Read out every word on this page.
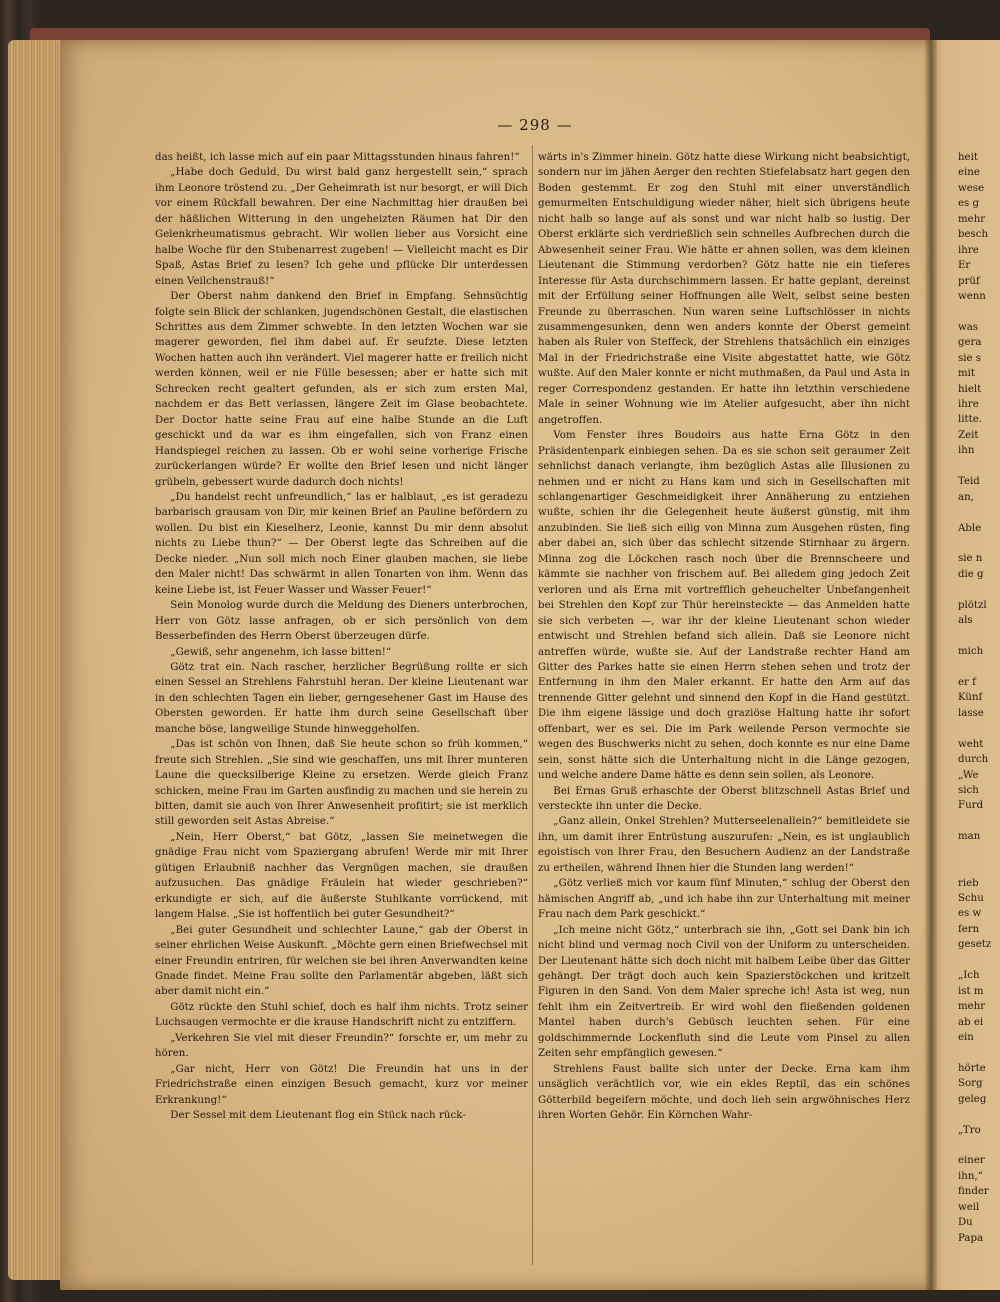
— 298 —

das heißt, ich lasse mich auf ein paar Mittagsstunden hinaus fahren!“

„Habe doch Geduld, Du wirst bald ganz hergestellt sein,“ sprach ihm Leonore tröstend zu. „Der Geheimrath ist nur besorgt, er will Dich vor einem Rückfall bewahren. Der eine Nachmittag hier draußen bei der häßlichen Witterung in den ungeheizten Räumen hat Dir den Gelenkrheumatismus gebracht. Wir wollen lieber aus Vorsicht eine halbe Woche für den Stubenarrest zugeben! — Vielleicht macht es Dir Spaß, Astas Brief zu lesen? Ich gehe und pflücke Dir unterdessen einen Veilchenstrauß!“

Der Oberst nahm dankend den Brief in Empfang. Sehnsüchtig folgte sein Blick der schlanken, jugendschönen Gestalt, die elastischen Schrittes aus dem Zimmer schwebte. In den letzten Wochen war sie magerer geworden, fiel ihm dabei auf. Er seufzte. Diese letzten Wochen hatten auch ihn verändert. Viel magerer hatte er freilich nicht werden können, weil er nie Fülle besessen; aber er hatte sich mit Schrecken recht gealtert gefunden, als er sich zum ersten Mal, nachdem er das Bett verlassen, längere Zeit im Glase beobachtete. Der Doctor hatte seine Frau auf eine halbe Stunde an die Luft geschickt und da war es ihm eingefallen, sich von Franz einen Handspiegel reichen zu lassen. Ob er wohl seine vorherige Frische zurückerlangen würde? Er wollte den Brief lesen und nicht länger grübeln, gebessert wurde dadurch doch nichts!

„Du handelst recht unfreundlich,“ las er halblaut, „es ist geradezu barbarisch grausam von Dir, mir keinen Brief an Pauline befördern zu wollen. Du bist ein Kieselherz, Leonie, kannst Du mir denn absolut nichts zu Liebe thun?“ — Der Oberst legte das Schreiben auf die Decke nieder. „Nun soll mich noch Einer glauben machen, sie liebe den Maler nicht! Das schwärmt in allen Tonarten von ihm. Wenn das keine Liebe ist, ist Feuer Wasser und Wasser Feuer!“

Sein Monolog wurde durch die Meldung des Dieners unterbrochen, Herr von Götz lasse anfragen, ob er sich persönlich von dem Besserbefinden des Herrn Oberst überzeugen dürfe.

„Gewiß, sehr angenehm, ich lasse bitten!“

Götz trat ein. Nach rascher, herzlicher Begrüßung rollte er sich einen Sessel an Strehlens Fahrstuhl heran. Der kleine Lieutenant war in den schlechten Tagen ein lieber, gerngesehener Gast im Hause des Obersten geworden. Er hatte ihm durch seine Gesellschaft über manche böse, langweilige Stunde hinweggeholfen.

„Das ist schön von Ihnen, daß Sie heute schon so früh kommen,“ freute sich Strehlen. „Sie sind wie geschaffen, uns mit Ihrer munteren Laune die quecksilberige Kleine zu ersetzen. Werde gleich Franz schicken, meine Frau im Garten ausfindig zu machen und sie herein zu bitten, damit sie auch von Ihrer Anwesenheit profitirt; sie ist merklich still geworden seit Astas Abreise.“

„Nein, Herr Oberst,“ bat Götz, „lassen Sie meinetwegen die gnädige Frau nicht vom Spaziergang abrufen! Werde mir mit Ihrer gütigen Erlaubniß nachher das Vergnügen machen, sie draußen aufzusuchen. Das gnädige Fräulein hat wieder geschrieben?“ erkundigte er sich, auf die äußerste Stuhlkante vorrückend, mit langem Halse. „Sie ist hoffentlich bei guter Gesundheit?“

„Bei guter Gesundheit und schlechter Laune,“ gab der Oberst in seiner ehrlichen Weise Auskunft. „Möchte gern einen Briefwechsel mit einer Freundin entriren, für welchen sie bei ihren Anverwandten keine Gnade findet. Meine Frau sollte den Parlamentär abgeben, läßt sich aber damit nicht ein.“

Götz rückte den Stuhl schief, doch es half ihm nichts. Trotz seiner Luchsaugen vermochte er die krause Handschrift nicht zu entziffern.

„Verkehren Sie viel mit dieser Freundin?“ forschte er, um mehr zu hören.

„Gar nicht, Herr von Götz! Die Freundin hat uns in der Friedrichstraße einen einzigen Besuch gemacht, kurz vor meiner Erkrankung!“

Der Sessel mit dem Lieutenant flog ein Stück nach rück-

wärts in's Zimmer hinein. Götz hatte diese Wirkung nicht beabsichtigt, sondern nur im jähen Aerger den rechten Stiefelabsatz hart gegen den Boden gestemmt. Er zog den Stuhl mit einer unverständlich gemurmelten Entschuldigung wieder näher, hielt sich übrigens heute nicht halb so lange auf als sonst und war nicht halb so lustig. Der Oberst erklärte sich verdrießlich sein schnelles Aufbrechen durch die Abwesenheit seiner Frau. Wie hätte er ahnen sollen, was dem kleinen Lieutenant die Stimmung verdorben? Götz hatte nie ein tieferes Interesse für Asta durchschimmern lassen. Er hatte geplant, dereinst mit der Erfüllung seiner Hoffnungen alle Welt, selbst seine besten Freunde zu überraschen. Nun waren seine Luftschlösser in nichts zusammengesunken, denn wen anders konnte der Oberst gemeint haben als Ruler von Steffeck, der Strehlens thatsächlich ein einziges Mal in der Friedrichstraße eine Visite abgestattet hatte, wie Götz wußte. Auf den Maler konnte er nicht muthmaßen, da Paul und Asta in reger Correspondenz gestanden. Er hatte ihn letzthin verschiedene Male in seiner Wohnung wie im Atelier aufgesucht, aber ihn nicht angetroffen.

Vom Fenster ihres Boudoirs aus hatte Erna Götz in den Präsidentenpark einbiegen sehen. Da es sie schon seit geraumer Zeit sehnlichst danach verlangte, ihm bezüglich Astas alle Illusionen zu nehmen und er nicht zu Hans kam und sich in Gesellschaften mit schlangenartiger Geschmeidigkeit ihrer Annäherung zu entziehen wußte, schien ihr die Gelegenheit heute äußerst günstig, mit ihm anzubinden. Sie ließ sich eilig von Minna zum Ausgehen rüsten, fing aber dabei an, sich über das schlecht sitzende Stirnhaar zu ärgern. Minna zog die Löckchen rasch noch über die Brennscheere und kämmte sie nachher von frischem auf. Bei alledem ging jedoch Zeit verloren und als Erna mit vortrefflich geheuchelter Unbefangenheit bei Strehlen den Kopf zur Thür hereinsteckte — das Anmelden hatte sie sich verbeten —, war ihr der kleine Lieutenant schon wieder entwischt und Strehlen befand sich allein. Daß sie Leonore nicht antreffen würde, wußte sie. Auf der Landstraße rechter Hand am Gitter des Parkes hatte sie einen Herrn stehen sehen und trotz der Entfernung in ihm den Maler erkannt. Er hatte den Arm auf das trennende Gitter gelehnt und sinnend den Kopf in die Hand gestützt. Die ihm eigene lässige und doch graziöse Haltung hatte ihr sofort offenbart, wer es sei. Die im Park weilende Person vermochte sie wegen des Buschwerks nicht zu sehen, doch konnte es nur eine Dame sein, sonst hätte sich die Unterhaltung nicht in die Länge gezogen, und welche andere Dame hätte es denn sein sollen, als Leonore.

Bei Ernas Gruß erhaschte der Oberst blitzschnell Astas Brief und versteckte ihn unter die Decke.

„Ganz allein, Onkel Strehlen? Mutterseelenallein?“ bemitleidete sie ihn, um damit ihrer Entrüstung auszurufen: „Nein, es ist unglaublich egoistisch von Ihrer Frau, den Besuchern Audienz an der Landstraße zu ertheilen, während Ihnen hier die Stunden lang werden!“

„Götz verließ mich vor kaum fünf Minuten,“ schlug der Oberst den hämischen Angriff ab, „und ich habe ihn zur Unterhaltung mit meiner Frau nach dem Park geschickt.“

„Ich meine nicht Götz,“ unterbrach sie ihn, „Gott sei Dank bin ich nicht blind und vermag noch Civil von der Uniform zu unterscheiden. Der Lieutenant hätte sich doch nicht mit halbem Leibe über das Gitter gehängt. Der trägt doch auch kein Spazierstöckchen und kritzelt Figuren in den Sand. Von dem Maler spreche ich! Asta ist weg, nun fehlt ihm ein Zeitvertreib. Er wird wohl den fließenden goldenen Mantel haben durch's Gebüsch leuchten sehen. Für eine goldschimmernde Lockenfluth sind die Leute vom Pinsel zu allen Zeiten sehr empfänglich gewesen.“

Strehlens Faust ballte sich unter der Decke. Erna kam ihm unsäglich verächtlich vor, wie ein ekles Reptil, das ein schönes Götterbild begeifern möchte, und doch lieh sein argwöhnisches Herz ihren Worten Gehör. Ein Körnchen Wahr-

heit
eine
wese
es g
mehr
besch
ihre
Er
prüf
wenn
was
gera
sie s
mit
hielt
ihre
litte.
Zeit
ihn
Teid
an,
Able
sie n
die g
plötzl
als
mich
er f
Künf
lasse
weht
durch
„We
sich
Furd
man
rieb
Schu
es w
fern
gesetz
„Ich
ist m
mehr
ab ei
ein
hörte
Sorg
geleg
„Tro
einer
ihn,“
finder
weil
Du
Papa
